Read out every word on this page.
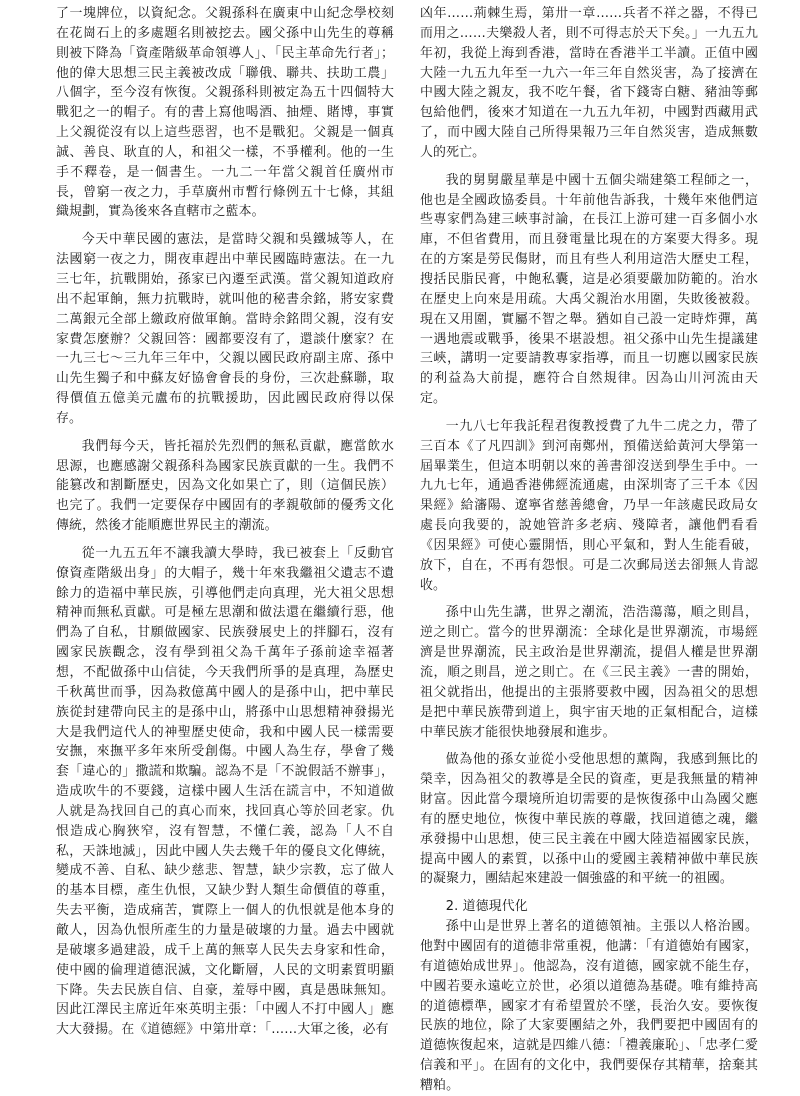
了一塊牌位，以資紀念。父親孫科在廣東中山紀念學校刻在花崗石上的多處題名則被挖去。國父孫中山先生的尊稱則被下降為「資產階級革命領導人」、「民主革命先行者」；他的偉大思想三民主義被改成「聯俄、聯共、扶助工農」八個字，至今沒有恢復。父親孫科則被定為五十四個特大戰犯之一的帽子。有的書上寫他喝酒、抽煙、賭博，事實上父親從沒有以上這些惡習，也不是戰犯。父親是一個真誠、善良、耿直的人，和祖父一樣，不爭權利。他的一生手不釋卷，是一個書生。一九二一年當父親首任廣州市長，曾窮一夜之力，手草廣州市暫行條例五十七條，其組織規劃，實為後來各直轄市之藍本。

今天中華民國的憲法，是當時父親和吳鐵城等人，在法國窮一夜之力，開夜車趕出中華民國臨時憲法。在一九三七年，抗戰開始，孫家已內遷至武漢。當父親知道政府出不起軍餉，無力抗戰時，就叫他的秘書余銘，將安家費二萬銀元全部上繳政府做軍餉。當時余銘問父親，沒有安家費怎麼辦？父親回答：國都要沒有了，還談什麼家？在一九三七～三九年三年中，父親以國民政府副主席、孫中山先生獨子和中蘇友好協會會長的身份，三次赴蘇聯，取得價值五億美元盧布的抗戰援助，因此國民政府得以保存。

我們每今天，皆托福於先烈們的無私貢獻，應當飲水思源，也應感謝父親孫科為國家民族貢獻的一生。我們不能篡改和割斷歷史，因為文化如果亡了，則（這個民族）也完了。我們一定要保存中國固有的孝親敬師的優秀文化傳統，然後才能順應世界民主的潮流。

從一九五五年不讓我讀大學時，我已被套上「反動官僚資產階級出身」的大帽子，幾十年來我繼祖父遺志不遺餘力的造福中華民族，引導他們走向真理，光大祖父思想精神而無私貢獻。可是極左思潮和做法還在繼續行惡，他們為了自私，甘願做國家、民族發展史上的拌腳石，沒有國家民族觀念，沒有學到祖父為千萬年子孫前途幸福著想，不配做孫中山信徒，今天我們所爭的是真理，為歷史千秋萬世而爭，因為救億萬中國人的是孫中山，把中華民族從封建帶向民主的是孫中山，將孫中山思想精神發揚光大是我們這代人的神聖歷史使命，我和中國人民一樣需要安撫，來撫平多年來所受創傷。中國人為生存，學會了幾套「違心的」撒謊和欺騙。認為不是「不說假話不辦事」，造成吹牛的不要錢，這樣中國人生活在謊言中，不知道做人就是為找回自己的真心而來，找回真心等於回老家。仇恨造成心胸狹窄，沒有智慧，不懂仁義，認為「人不自私，天誅地滅」，因此中國人失去幾千年的優良文化傳統，變成不善、自私、缺少慈悲、智慧，缺少宗教，忘了做人的基本目標，產生仇恨，又缺少對人類生命價值的尊重，失去平衡，造成痛苦，實際上一個人的仇恨就是他本身的敵人，因為仇恨所產生的力量是破壞的力量。過去中國就是破壞多過建設，成千上萬的無辜人民失去身家和性命，使中國的倫理道德泯滅，文化斷層，人民的文明素質明顯下降。失去民族自信、自豪，羞辱中國，真是愚昧無知。因此江澤民主席近年來英明主張：「中國人不打中國人」應大大發揚。在《道德經》中第卅章：「……大軍之後，必有

凶年……荊棘生焉，第卅一章……兵者不祥之器，不得已而用之……夫樂殺人者，則不可得志於天下矣。」一九五九年初，我從上海到香港，當時在香港半工半讀。正值中國大陸一九五九年至一九六一年三年自然災害，為了接濟在中國大陸之親友，我不吃午餐，省下錢寄白糖、豬油等郵包給他們，後來才知道在一九五九年初，中國對西藏用武了，而中國大陸自己所得果報乃三年自然災害，造成無數人的死亡。

我的舅舅嚴星華是中國十五個尖端建築工程師之一，他也是全國政協委員。十年前他告訴我，十幾年來他們這些專家們為建三峽事討論，在長江上游可建一百多個小水庫，不但省費用，而且發電量比現在的方案要大得多。現在的方案是勞民傷財，而且有些人利用這浩大歷史工程，搜括民脂民膏，中飽私囊，這是必須要嚴加防範的。治水在歷史上向來是用疏。大禹父親治水用圍，失敗後被殺。現在又用圍，實屬不智之舉。猶如自己設一定時炸彈，萬一遇地震或戰爭，後果不堪設想。祖父孫中山先生提議建三峽，講明一定要請教專家指導，而且一切應以國家民族的利益為大前提，應符合自然規律。因為山川河流由天定。

一九八七年我託程君復教授費了九牛二虎之力，帶了三百本《了凡四訓》到河南鄭州，預備送給黃河大學第一屆畢業生，但這本明朝以來的善書卻沒送到學生手中。一九九七年，通過香港佛經流通處，由深圳寄了三千本《因果經》給瀋陽、遼寧省慈善總會，乃早一年該處民政局女處長向我要的，說她管許多老病、殘障者，讓他們看看《因果經》可使心靈開悟，則心平氣和，對人生能看破，放下，自在，不再有怨恨。可是二次郵局送去卻無人肯認收。

孫中山先生講，世界之潮流，浩浩蕩蕩，順之則昌，逆之則亡。當今的世界潮流：全球化是世界潮流，市場經濟是世界潮流，民主政治是世界潮流，提倡人權是世界潮流，順之則昌，逆之則亡。在《三民主義》一書的開始，祖父就指出，他提出的主張將要救中國，因為祖父的思想是把中華民族帶到道上，與宇宙天地的正氣相配合，這樣中華民族才能很快地發展和進步。

做為他的孫女並從小受他思想的薰陶，我感到無比的榮幸，因為祖父的教導是全民的資產，更是我無量的精神財富。因此當今環境所迫切需要的是恢復孫中山為國父應有的歷史地位，恢復中華民族的尊嚴，找回道德之魂，繼承發揚中山思想，使三民主義在中國大陸造福國家民族，提高中國人的素質，以孫中山的愛國主義精神做中華民族的凝聚力，團結起來建設一個強盛的和平統一的祖國。

2. 道德現代化

孫中山是世界上著名的道德領袖。主張以人格治國。他對中國固有的道德非常重視，他講：「有道德始有國家，有道德始成世界」。他認為，沒有道德，國家就不能生存，中國若要永遠屹立於世，必須以道德為基礎。唯有維持高的道德標準，國家才有希望置於不墜，長治久安。要恢復民族的地位，除了大家要團結之外，我們要把中國固有的道德恢復起來，這就是四維八德：「禮義廉恥」、「忠孝仁愛信義和平」。在固有的文化中，我們要保存其精華，捨棄其糟粕。
